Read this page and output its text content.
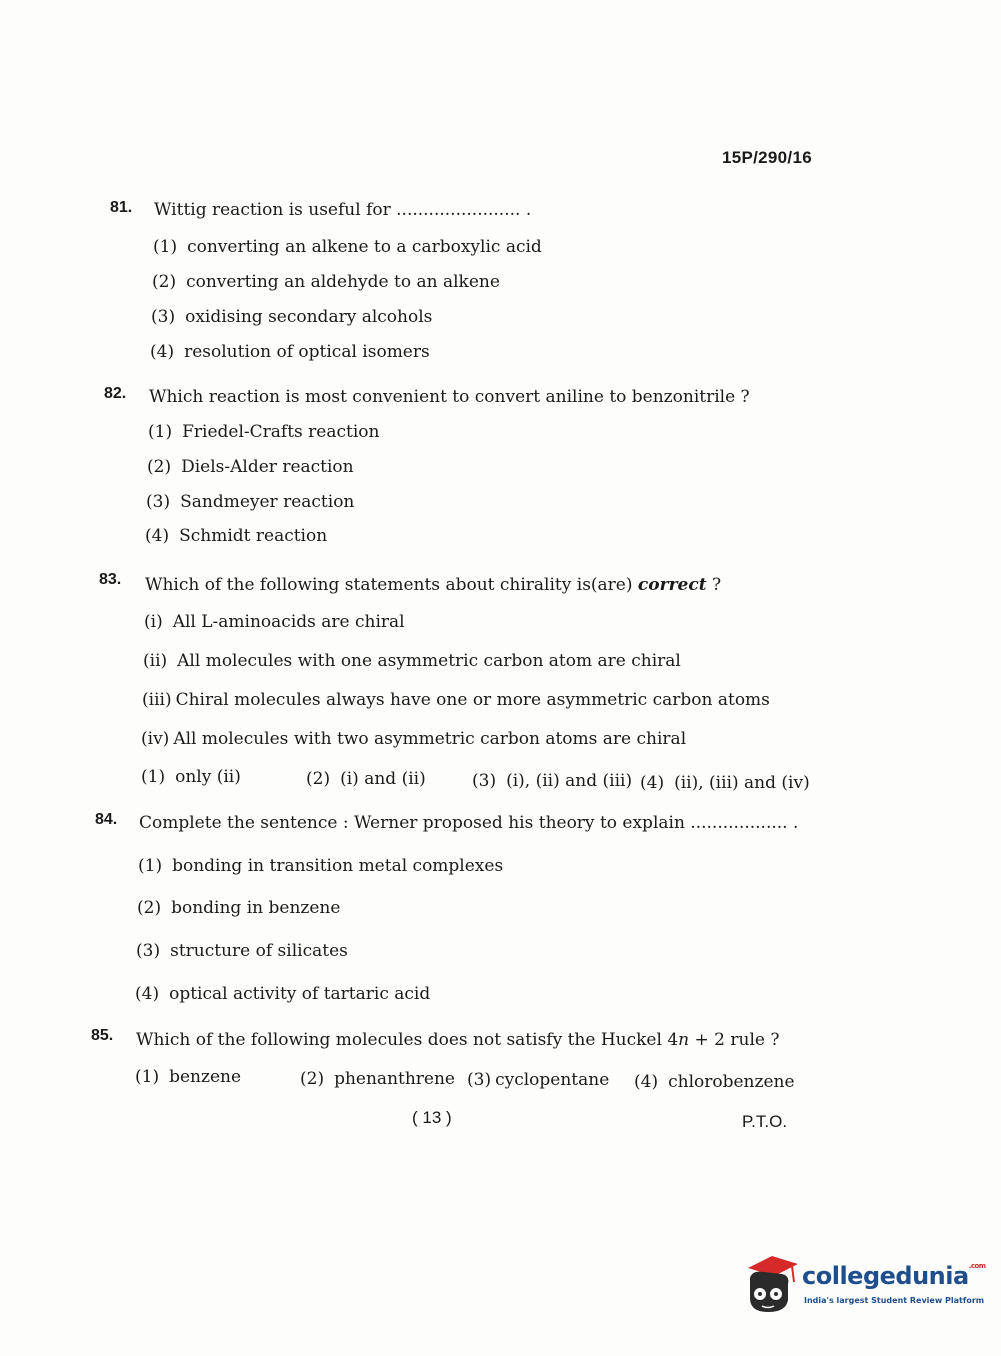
15P/290/16
81. Wittig reaction is useful for ....................... .
(1) converting an alkene to a carboxylic acid
(2) converting an aldehyde to an alkene
(3) oxidising secondary alcohols
(4) resolution of optical isomers
82. Which reaction is most convenient to convert aniline to benzonitrile ?
(1) Friedel-Crafts reaction
(2) Diels-Alder reaction
(3) Sandmeyer reaction
(4) Schmidt reaction
83. Which of the following statements about chirality is(are) correct ?
(i) All L-aminoacids are chiral
(ii) All molecules with one asymmetric carbon atom are chiral
(iii) Chiral molecules always have one or more asymmetric carbon atoms
(iv) All molecules with two asymmetric carbon atoms are chiral
(1) only (ii)	(2) (i) and (ii)	(3) (i), (ii) and (iii) (4) (ii), (iii) and (iv)
84. Complete the sentence : Werner proposed his theory to explain .................. .
(1) bonding in transition metal complexes
(2) bonding in benzene
(3) structure of silicates
(4) optical activity of tartaric acid
85. Which of the following molecules does not satisfy the Huckel 4n + 2 rule ?
(1) benzene	(2) phenanthrene (3) cyclopentane (4) chlorobenzene
( 13 )	P.T.O.
collegedunia$^{.com}$
India's largest Student Review Platform
